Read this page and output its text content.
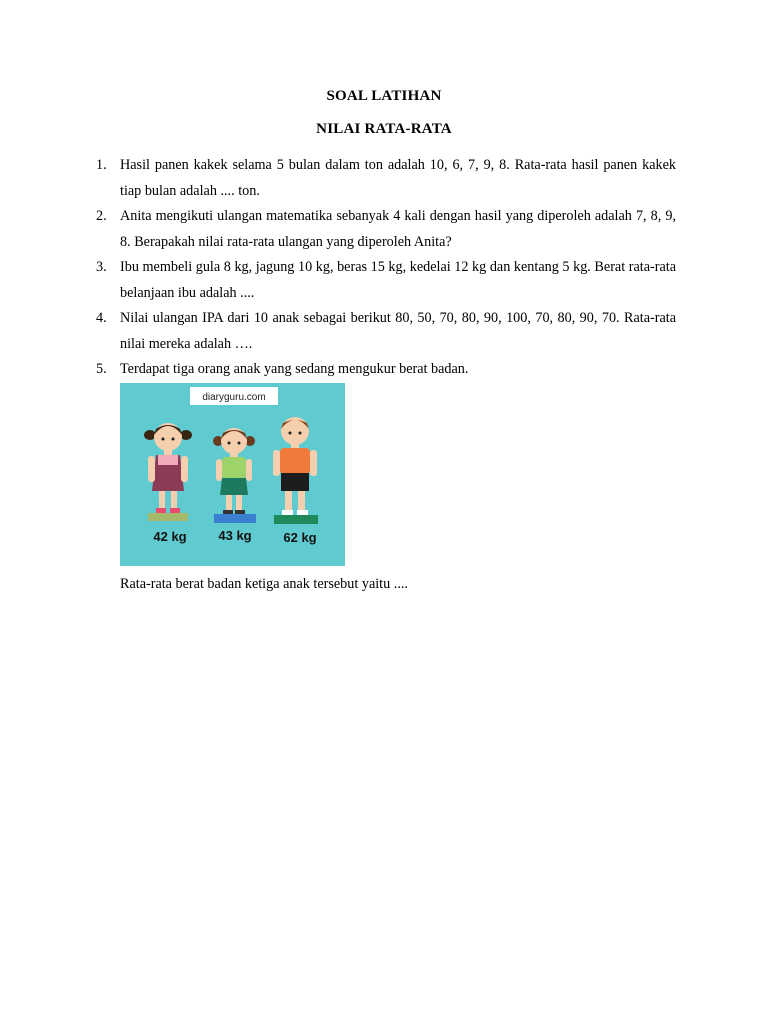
SOAL LATIHAN
NILAI RATA-RATA
1. Hasil panen kakek selama 5 bulan dalam ton adalah 10, 6, 7, 9, 8. Rata-rata hasil panen kakek tiap bulan adalah .... ton.
2. Anita mengikuti ulangan matematika sebanyak 4 kali dengan hasil yang diperoleh adalah 7, 8, 9, 8. Berapakah nilai rata-rata ulangan yang diperoleh Anita?
3. Ibu membeli gula 8 kg, jagung 10 kg, beras 15 kg, kedelai 12 kg dan kentang 5 kg. Berat rata-rata belanjaan ibu adalah ....
4. Nilai ulangan IPA dari 10 anak sebagai berikut 80, 50, 70, 80, 90, 100, 70, 80, 90, 70. Rata-rata nilai mereka adalah ….
5. Terdapat tiga orang anak yang sedang mengukur berat badan.
diaryguru.com
42 kg 43 kg 62 kg
Rata-rata berat badan ketiga anak tersebut yaitu ....
